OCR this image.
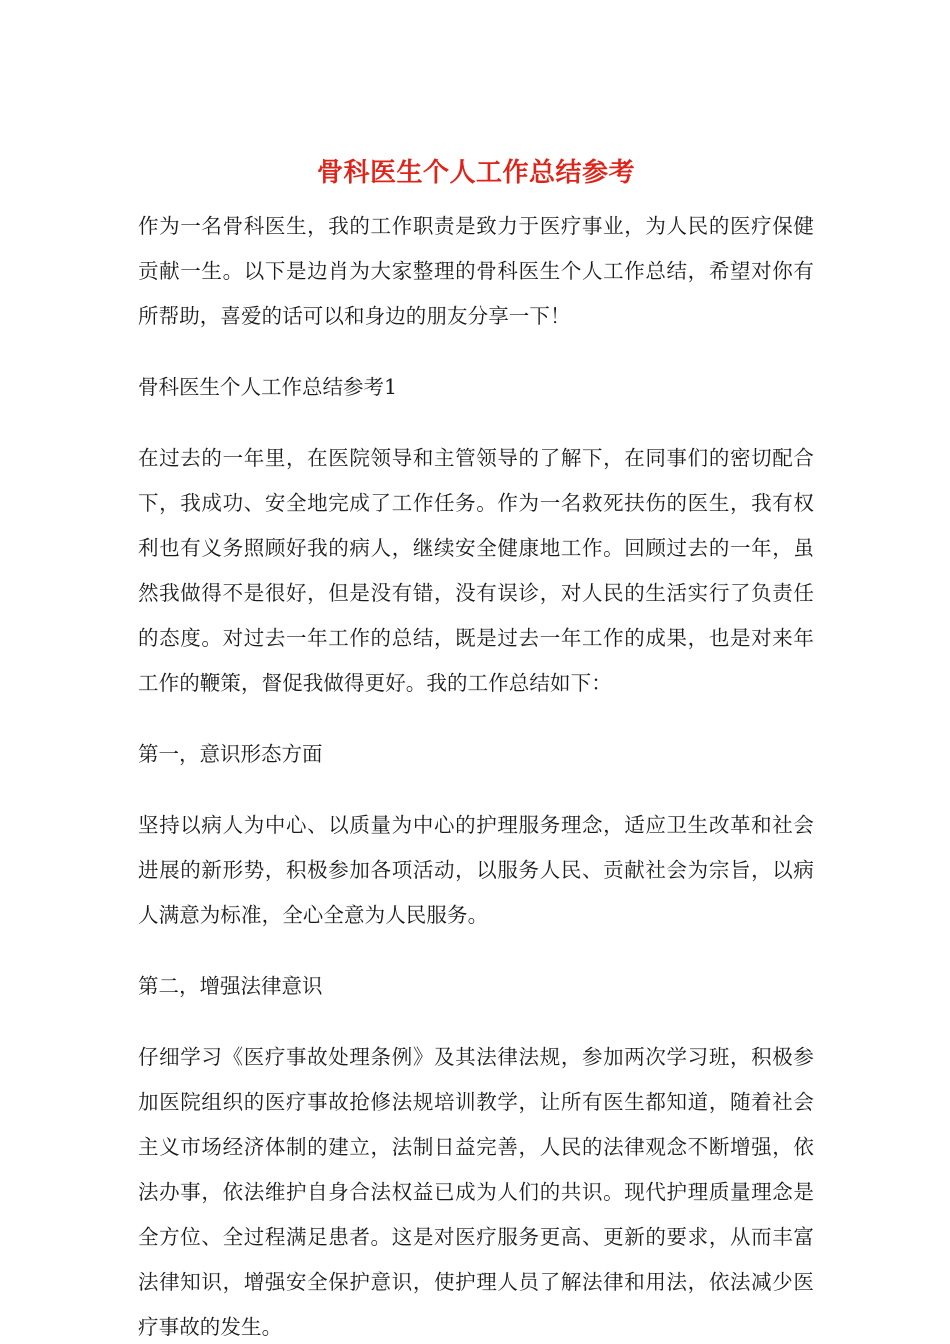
骨科医生个人工作总结参考

作为一名骨科医生，我的工作职责是致力于医疗事业，为人民的医疗保健贡献一生。以下是边肖为大家整理的骨科医生个人工作总结，希望对你有所帮助，喜爱的话可以和身边的朋友分享一下！

骨科医生个人工作总结参考1

在过去的一年里，在医院领导和主管领导的了解下，在同事们的密切配合下，我成功、安全地完成了工作任务。作为一名救死扶伤的医生，我有权利也有义务照顾好我的病人，继续安全健康地工作。回顾过去的一年，虽然我做得不是很好，但是没有错，没有误诊，对人民的生活实行了负责任的态度。对过去一年工作的总结，既是过去一年工作的成果，也是对来年工作的鞭策，督促我做得更好。我的工作总结如下：

第一，意识形态方面

坚持以病人为中心、以质量为中心的护理服务理念，适应卫生改革和社会进展的新形势，积极参加各项活动，以服务人民、贡献社会为宗旨，以病人满意为标准，全心全意为人民服务。

第二，增强法律意识

仔细学习《医疗事故处理条例》及其法律法规，参加两次学习班，积极参加医院组织的医疗事故抢修法规培训教学，让所有医生都知道，随着社会主义市场经济体制的建立，法制日益完善，人民的法律观念不断增强，依法办事，依法维护自身合法权益已成为人们的共识。现代护理质量理念是全方位、全过程满足患者。这是对医疗服务更高、更新的要求，从而丰富法律知识，增强安全保护意识，使护理人员了解法律和用法，依法减少医疗事故的发生。
